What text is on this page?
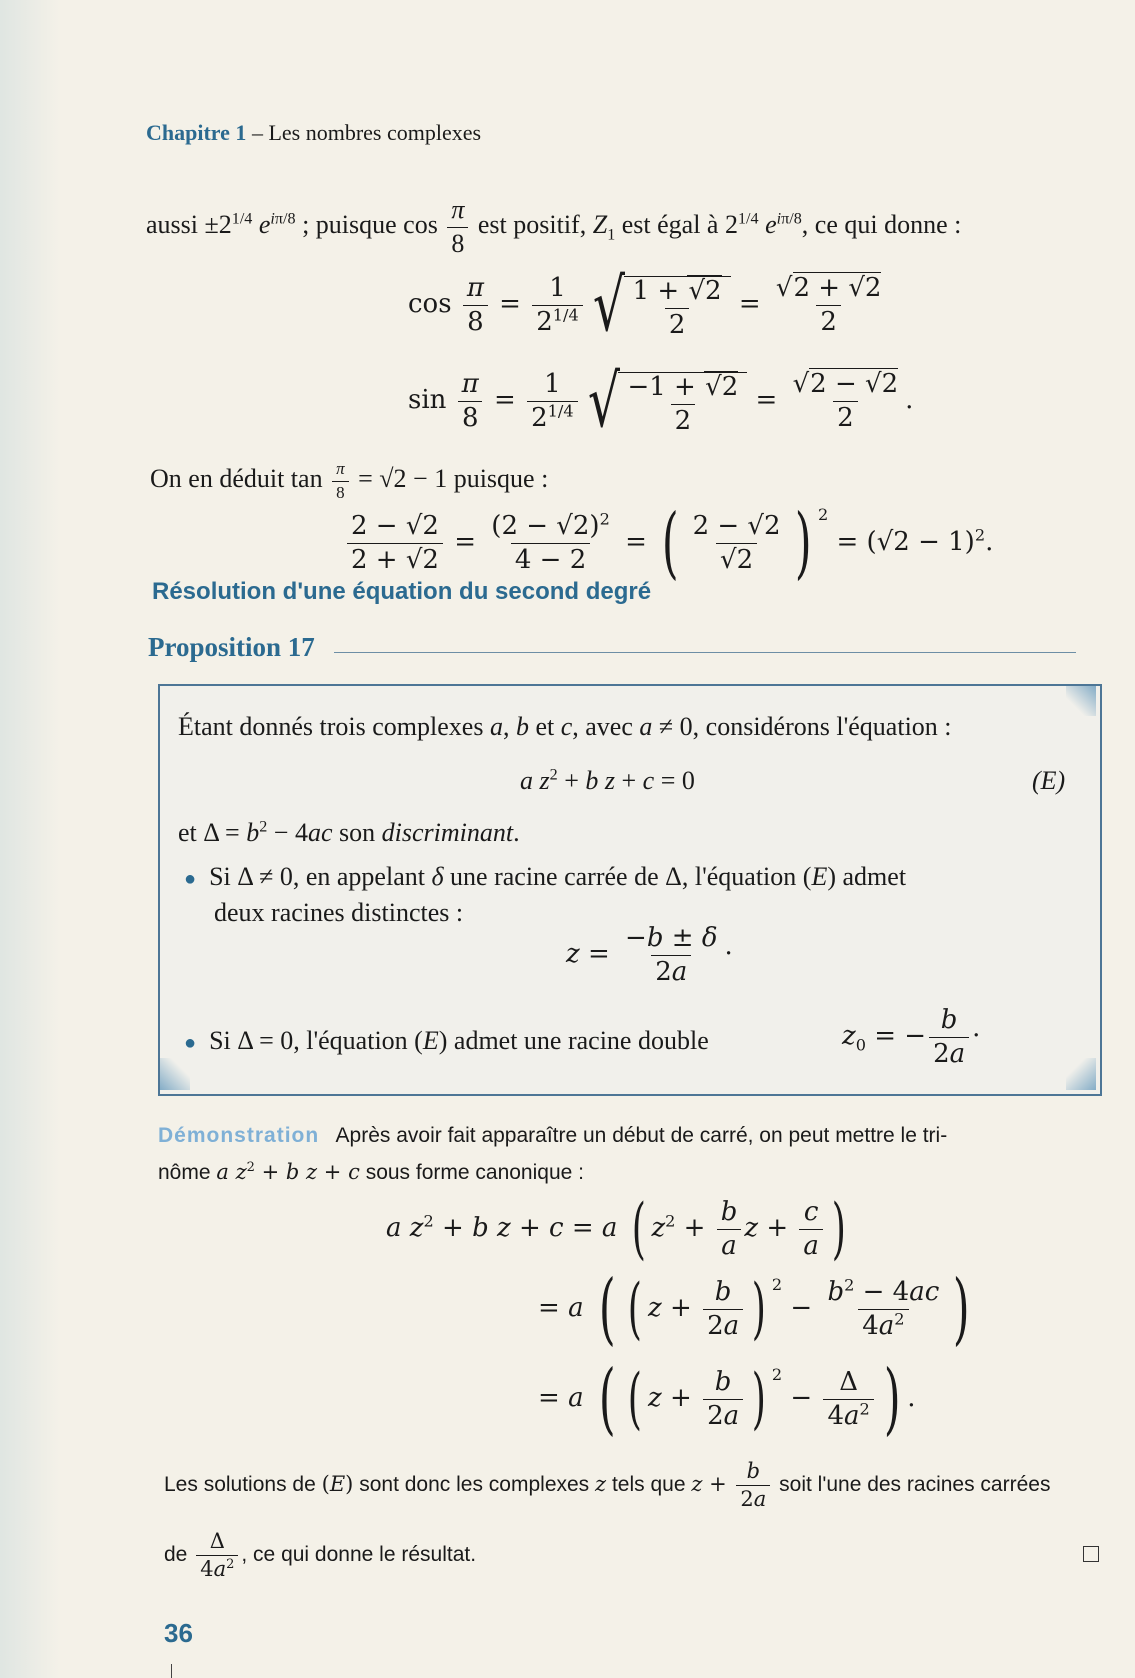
Chapitre 1 – Les nombres complexes
aussi $\pm 2^{1/4}$ $e^{i\pi/8}$ ; puisque $\cos \frac{\pi}{8}$ est positif, $Z_1$ est égal à $2^{1/4}$ $e^{i\pi/8}$, ce qui donne :
$\cos \frac{\pi}{8} = \frac{1}{2^{1/4}}$ √ $\frac{1 + √2}{2} = \frac{√2 + √2}{2}$
$\sin \frac{\pi}{8} = \frac{1}{2^{1/4}}$ √ $\frac{-1 + √2}{2} = \frac{√2 - √2}{2}$ .
On en déduit $\tan \frac{\pi}{8} = √2 - 1$ puisque :
$\frac{2 - √2}{2 + √2} = \frac{(2 - √2)^2}{4 - 2}$ = ( $\frac{2 - √2}{√2}$ ) $^2 = (√2 - 1)^2$.
Résolution d'une équation du second degré
Proposition 17
Étant donnés trois complexes a, b et c, avec a ≠ 0, considérons l'équation :
a $z^2 + b$ z + c = 0	(E)
et $\Delta = b^2 - 4ac$ son discriminant.
● Si Δ ≠ 0, en appelant δ une racine carrée de Δ, l'équation (E) admet
deux racines distinctes :
$z = \frac{-b \pm \delta}{2a}$ ·
● Si Δ = 0, l'équation (E) admet une racine double	$z_0$ = − $\frac{b}{2a}$ ·
Démonstration Après avoir fait apparaître un début de carré, on peut mettre le tri-
nôme a $z^2 + b$ z + c sous forme canonique :
a $z^2 + b$ z + c = a ( $z^2 + \frac{b}{a}$ $z + \frac{c}{a}$ )
= a ( ( $z + \frac{b}{2a}$ ) $^2 - \frac{b^2 - 4ac}{4a^2}$ )
= a ( ( $z + \frac{b}{2a}$ ) $^2 - \frac{\Delta}{4a^2}$ ) .
Les solutions de (E) sont donc les complexes z tels que $z + \frac{b}{2a}$ soit l'une des racines carrées
de $\frac{\Delta}{4a^2}$ , ce qui donne le résultat.
36
